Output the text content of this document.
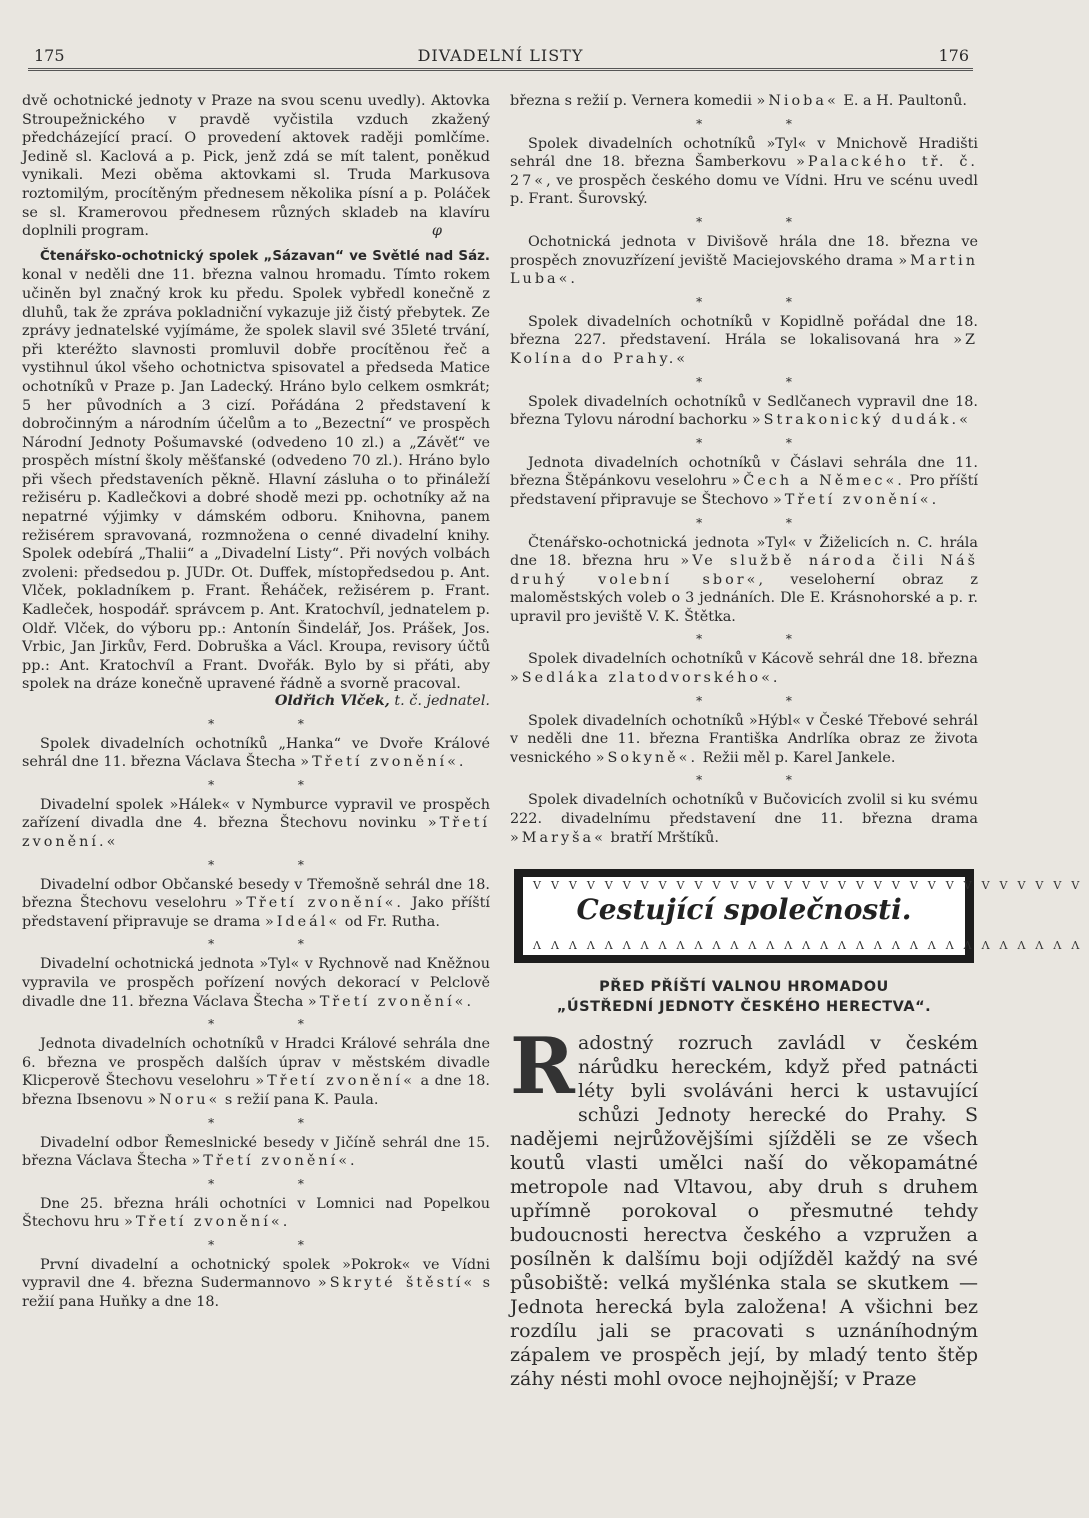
175	DIVADELNÍ LISTY	176

dvě ochotnické jednoty v Praze na svou scenu uvedly). Aktovka Stroupežnického v pravdě vyčistila vzduch zkažený předcházející prací. O provedení aktovek raději pomlčíme. Jedině sl. Kaclová a p. Pick, jenž zdá se mít talent, poněkud vynikali. Mezi oběma aktovkami sl. Truda Markusova roztomilým, procítěným přednesem několika písní a p. Poláček se sl. Kramerovou přednesem různých skladeb na klavíru doplnili program.	φ

Čtenářsko-ochotnický spolek „Sázavan“ ve Světlé nad Sáz. konal v neděli dne 11. března valnou hromadu. Tímto rokem učiněn byl značný krok ku předu. Spolek vybředl konečně z dluhů, tak že zpráva pokladniční vykazuje již čistý přebytek. Ze zprávy jednatelské vyjímáme, že spolek slavil své 35leté trvání, při kteréžto slavnosti promluvil dobře procítěnou řeč a vystihnul úkol všeho ochotnictva spisovatel a předseda Matice ochotníků v Praze p. Jan Ladecký. Hráno bylo celkem osmkrát; 5 her původních a 3 cizí. Pořádána 2 představení k dobročinným a národním účelům a to „Bezectní“ ve prospěch Národní Jednoty Pošumavské (odvedeno 10 zl.) a „Závěť“ ve prospěch místní školy měšťanské (odvedeno 70 zl.). Hráno bylo při všech představeních pěkně. Hlavní zásluha o to přináleží režiséru p. Kadlečkovi a dobré shodě mezi pp. ochotníky až na nepatrné výjimky v dámském odboru. Knihovna, panem režisérem spravovaná, rozmnožena o cenné divadelní knihy. Spolek odebírá „Thalii“ a „Divadelní Listy“. Při nových volbách zvoleni: předsedou p. JUDr. Ot. Duffek, místopředsedou p. Ant. Vlček, pokladníkem p. Frant. Řeháček, režisérem p. Frant. Kadleček, hospodář. správcem p. Ant. Kratochvíl, jednatelem p. Oldř. Vlček, do výboru pp.: Antonín Šindelář, Jos. Prášek, Jos. Vrbic, Jan Jirkův, Ferd. Dobruška a Václ. Kroupa, revisory účtů pp.: Ant. Kratochvíl a Frant. Dvořák. Bylo by si přáti, aby spolek na dráze konečně upravené řádně a svorně pracoval.
Oldřich Vlček, t. č. jednatel.

* *

Spolek divadelních ochotníků „Hanka“ ve Dvoře Králové sehrál dne 11. března Václava Štecha »Třetí zvonění«.

* *

Divadelní spolek »Hálek« v Nymburce vypravil ve prospěch zařízení divadla dne 4. března Štechovu novinku »Třetí zvonění.«

* *

Divadelní odbor Občanské besedy v Třemošně sehrál dne 18. března Štechovu veselohru »Třetí zvonění«. Jako příští představení připravuje se drama »Ideál« od Fr. Rutha.

* *

Divadelní ochotnická jednota »Tyl« v Rychnově nad Kněžnou vypravila ve prospěch pořízení nových dekorací v Pelclově divadle dne 11. března Václava Štecha »Třetí zvonění«.

* *

Jednota divadelních ochotníků v Hradci Králové sehrála dne 6. března ve prospěch dalších úprav v městském divadle Klicperově Štechovu veselohru »Třetí zvonění« a dne 18. března Ibsenovu »Noru« s režií pana K. Paula.

* *

Divadelní odbor Řemeslnické besedy v Jičíně sehrál dne 15. března Václava Štecha »Třetí zvonění«.

* *

Dne 25. března hráli ochotníci v Lomnici nad Popelkou Štechovu hru »Třetí zvonění«.

* *

První divadelní a ochotnický spolek »Pokrok« ve Vídni vypravil dne 4. března Sudermannovo »Skryté štěstí« s režií pana Huňky a dne 18.

března s režií p. Vernera komedii »Nioba« E. a H. Paultonů.

* *

Spolek divadelních ochotníků »Tyl« v Mnichově Hradišti sehrál dne 18. března Šamberkovu »Palackého tř. č. 27«, ve prospěch českého domu ve Vídni. Hru ve scénu uvedl p. Frant. Šurovský.

* *

Ochotnická jednota v Divišově hrála dne 18. března ve prospěch znovuzřízení jeviště Maciejovského drama »Martin Luba«.

* *

Spolek divadelních ochotníků v Kopidlně pořádal dne 18. března 227. představení. Hrála se lokalisovaná hra »Z Kolína do Prahy.«

* *

Spolek divadelních ochotníků v Sedlčanech vypravil dne 18. března Tylovu národní bachorku »Strakonický dudák.«

* *

Jednota divadelních ochotníků v Čáslavi sehrála dne 11. března Štěpánkovu veselohru »Čech a Němec«. Pro příští představení připravuje se Štechovo »Třetí zvonění«.

* *

Čtenářsko-ochotnická jednota »Tyl« v Žiželicích n. C. hrála dne 18. března hru »Ve službě národa čili Náš druhý volební sbor«, veseloherní obraz z maloměstských voleb o 3 jednáních. Dle E. Krásnohorské a p. r. upravil pro jeviště V. K. Štětka.

* *

Spolek divadelních ochotníků v Kácově sehrál dne 18. března »Sedláka zlatodvorského«.

* *

Spolek divadelních ochotníků »Hýbl« v České Třebové sehrál v neděli dne 11. března Františka Andrlíka obraz ze života vesnického »Sokyně«. Režii měl p. Karel Jankele.

* *

Spolek divadelních ochotníků v Bučovicích zvolil si ku svému 222. divadelnímu představení dne 11. března drama »Maryša« bratří Mrštíků.

VVVVVVVVVVVVVVVVVVVVVVVVVVVVVVV
Cestující společnosti.
ΛΛΛΛΛΛΛΛΛΛΛΛΛΛΛΛΛΛΛΛΛΛΛΛΛΛΛΛΛΛΛ
PŘED PŘÍŠTÍ VALNOU HROMADOU
„ÚSTŘEDNÍ JEDNOTY ČESKÉHO HERECTVA“.
Radostný rozruch zavládl v českém nárůdku hereckém, když před patnácti léty byli svoláváni herci k ustavující schůzi Jednoty herecké do Prahy. S nadějemi nejrůžovějšími sjížděli se ze všech koutů vlasti umělci naší do věkopamátné metropole nad Vltavou, aby druh s druhem upřímně porokoval o přesmutné tehdy budoucnosti herectva českého a vzpružen a posílněn k dalšímu boji odjížděl každý na své působiště: velká myšlénka stala se skutkem — Jednota herecká byla založena! A všichni bez rozdílu jali se pracovati s uznáníhodným zápalem ve prospěch její, by mladý tento štěp záhy nésti mohl ovoce nejhojnější; v Praze
